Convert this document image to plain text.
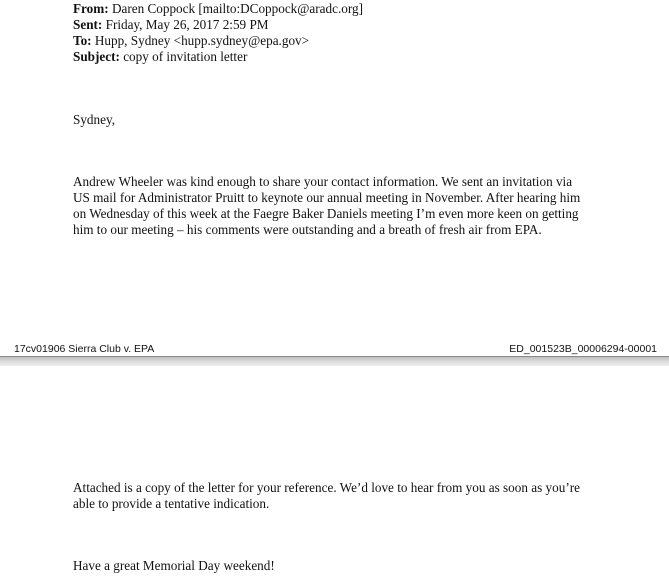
From: Daren Coppock [mailto:DCoppock@aradc.org]
Sent: Friday, May 26, 2017 2:59 PM
To: Hupp, Sydney <hupp.sydney@epa.gov>
Subject: copy of invitation letter
Sydney,
Andrew Wheeler was kind enough to share your contact information. We sent an invitation via
US mail for Administrator Pruitt to keynote our annual meeting in November. After hearing him
on Wednesday of this week at the Faegre Baker Daniels meeting I’m even more keen on getting
him to our meeting – his comments were outstanding and a breath of fresh air from EPA.
17cv01906 Sierra Club v. EPA	ED_001523B_00006294-00001
Attached is a copy of the letter for your reference. We’d love to hear from you as soon as you’re
able to provide a tentative indication.
Have a great Memorial Day weekend!
